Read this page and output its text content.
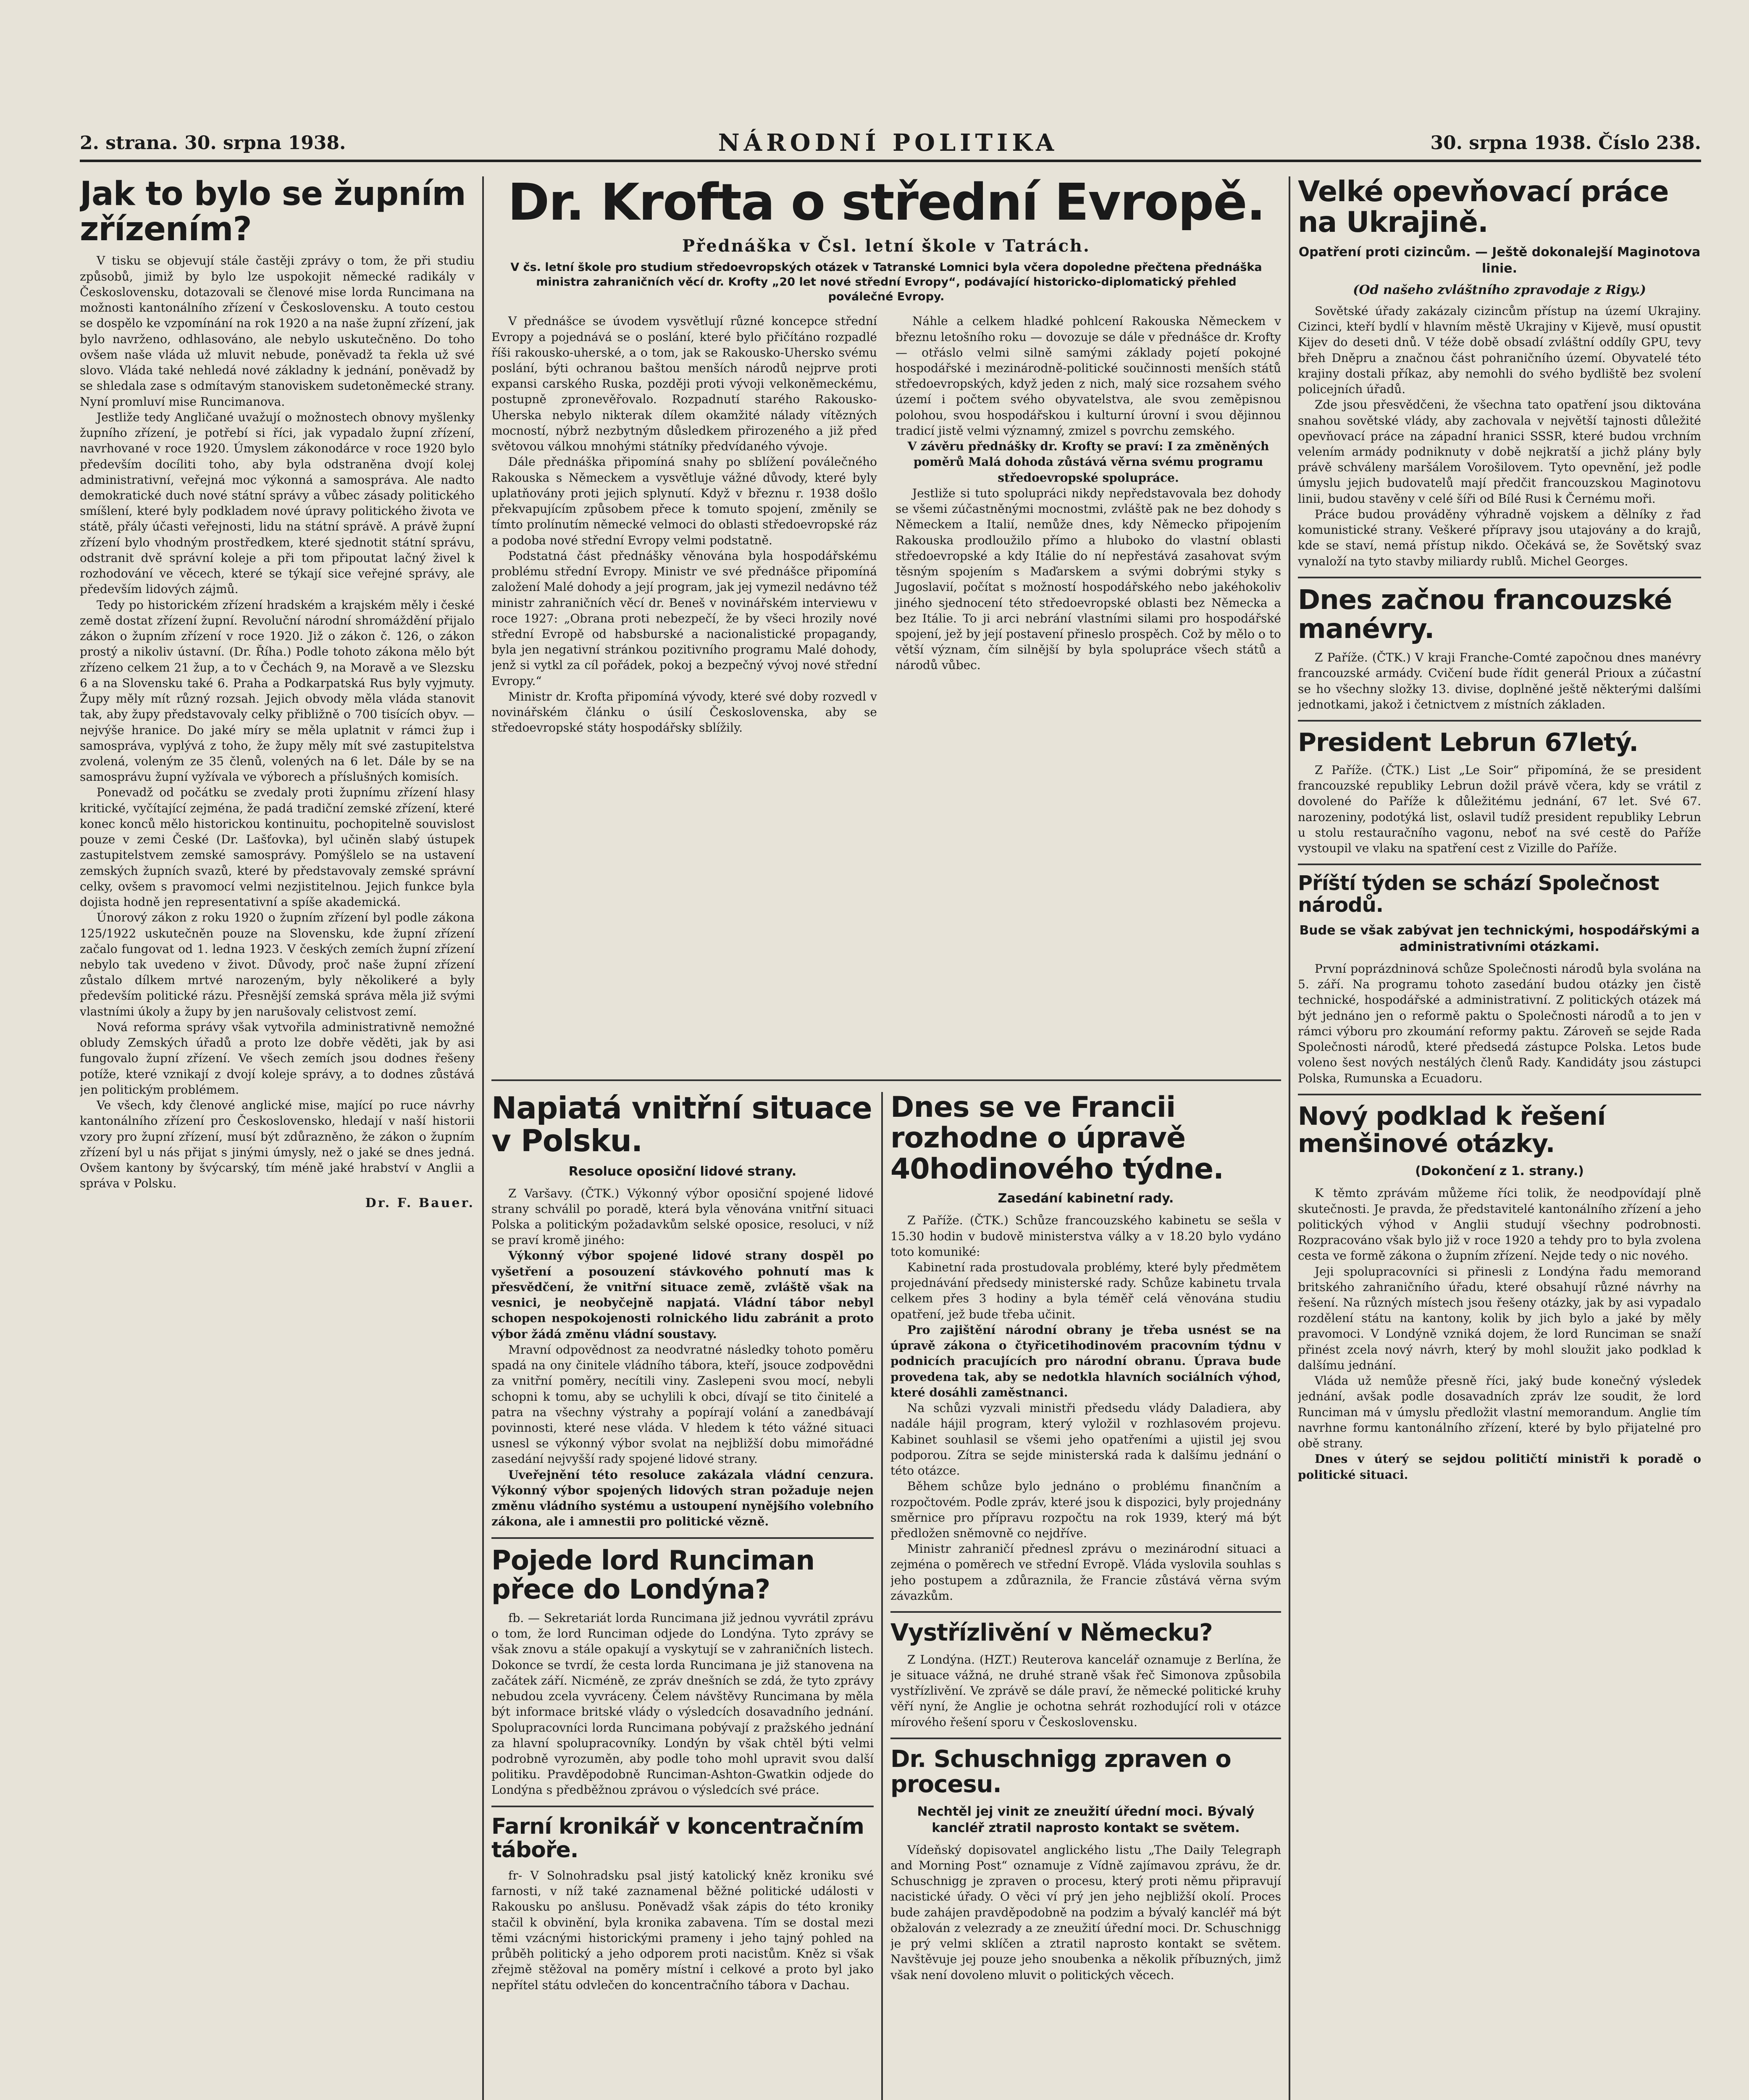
2. strana. 30. srpna 1938.	NÁRODNÍ POLITIKA	30. srpna 1938. Číslo 238.
Jak to bylo se župním zřízením?

V tisku se objevují stále častěji zprávy o tom, že při studiu způsobů, jimiž by bylo lze uspokojit německé radikály v Československu, dotazovali se členové mise lorda Runcimana na možnosti kantonálního zřízení v Československu. A touto cestou se dospělo ke vzpomínání na rok 1920 a na naše župní zřízení, jak bylo navrženo, odhlasováno, ale nebylo uskutečněno. Do toho ovšem naše vláda už mluvit nebude, poněvadž ta řekla už své slovo. Vláda také nehledá nové základny k jednání, poněvadž by se shledala zase s odmítavým stanoviskem sudetoněmecké strany. Nyní promluví mise Runcimanova.

Jestliže tedy Angličané uvažují o možnostech obnovy myšlenky župního zřízení, je potřebí si říci, jak vypadalo župní zřízení, navrhované v roce 1920. Úmyslem zákonodárce v roce 1920 bylo především docíliti toho, aby byla odstraněna dvojí kolej administrativní, veřejná moc výkonná a samospráva. Ale nadto demokratické duch nové státní správy a vůbec zásady politického smíšlení, které byly podkladem nové úpravy politického života ve státě, přály účasti veřejnosti, lidu na státní správě. A právě župní zřízení bylo vhodným prostředkem, které sjednotit státní správu, odstranit dvě správní koleje a při tom připoutat lačný živel k rozhodování ve věcech, které se týkají sice veřejné správy, ale především lidových zájmů.

Tedy po historickém zřízení hradském a krajském měly i české země dostat zřízení župní. Revoluční národní shromáždění přijalo zákon o župním zřízení v roce 1920. Již o zákon č. 126, o zákon prostý a nikoliv ústavní. (Dr. Říha.) Podle tohoto zákona mělo být zřízeno celkem 21 žup, a to v Čechách 9, na Moravě a ve Slezsku 6 a na Slovensku také 6. Praha a Podkarpatská Rus byly vyjmuty. Župy měly mít různý rozsah. Jejich obvody měla vláda stanovit tak, aby župy představovaly celky přibližně o 700 tisících obyv. — nejvýše hranice. Do jaké míry se měla uplatnit v rámci žup i samospráva, vyplývá z toho, že župy měly mít své zastupitelstva zvolená, voleným ze 35 členů, volených na 6 let. Dále by se na samosprávu župní vyžívala ve výborech a příslušných komisích.

Ponevadž od počátku se zvedaly proti župnímu zřízení hlasy kritické, vyčítající zejména, že padá tradiční zemské zřízení, které konec konců mělo historickou kontinuitu, pochopitelně souvislost pouze v zemi České (Dr. Lašťovka), byl učiněn slabý ústupek zastupitelstvem zemské samosprávy. Pomýšlelo se na ustavení zemských župních svazů, které by představovaly zemské správní celky, ovšem s pravomocí velmi nezjistitelnou. Jejich funkce byla dojista hodně jen representativní a spíše akademická.

Únorový zákon z roku 1920 o župním zřízení byl podle zákona 125/1922 uskutečněn pouze na Slovensku, kde župní zřízení začalo fungovat od 1. ledna 1923. V českých zemích župní zřízení nebylo tak uvedeno v život. Důvody, proč naše župní zřízení zůstalo dílkem mrtvé narozeným, byly několikeré a byly především politické rázu. Přesnější zemská správa měla již svými vlastními úkoly a župy by jen narušovaly celistvost zemí.

Nová reforma správy však vytvořila administrativně nemožné obludy Zemských úřadů a proto lze dobře věděti, jak by asi fungovalo župní zřízení. Ve všech zemích jsou dodnes řešeny potíže, které vznikají z dvojí koleje správy, a to dodnes zůstává jen politickým problémem.

Ve všech, kdy členové anglické mise, mající po ruce návrhy kantonálního zřízení pro Československo, hledají v naší historii vzory pro župní zřízení, musí být zdůrazněno, že zákon o župním zřízení byl u nás přijat s jinými úmysly, než o jaké se dnes jedná. Ovšem kantony by švýcarský, tím méně jaké hrabství v Anglii a správa v Polsku.

Dr. F. Bauer.
Dr. Krofta o střední Evropě.
Přednáška v Čsl. letní škole v Tatrách.
V čs. letní škole pro studium středoevropských otázek v Tatranské Lomnici byla včera dopoledne přečtena přednáška ministra zahraničních věcí dr. Krofty „20 let nové střední Evropy“, podávající historicko-diplomatický přehled poválečné Evropy.

V přednášce se úvodem vysvětlují různé koncepce střední Evropy a pojednává se o poslání, které bylo přičítáno rozpadlé říši rakousko-uherské, a o tom, jak se Rakousko-Uhersko svému poslání, býti ochranou baštou menších národů nejprve proti expansi carského Ruska, později proti vývoji velkoněmeckému, postupně zpronevěřovalo. Rozpadnutí starého Rakousko-Uherska nebylo nikterak dílem okamžité nálady vítězných mocností, nýbrž nezbytným důsledkem přirozeného a již před světovou válkou mnohými státníky předvídaného vývoje.

Dále přednáška připomíná snahy po sblížení poválečného Rakouska s Německem a vysvětluje vážné důvody, které byly uplatňovány proti jejich splynutí. Když v březnu r. 1938 došlo překvapujícím způsobem přece k tomuto spojení, změnily se tímto prolínutím německé velmoci do oblasti středoevropské ráz a podoba nové střední Evropy velmi podstatně.

Podstatná část přednášky věnována byla hospodářskému problému střední Evropy. Ministr ve své přednášce připomíná založení Malé dohody a její program, jak jej vymezil nedávno též ministr zahraničních věcí dr. Beneš v novinářském interviewu v roce 1927: „Obrana proti nebezpečí, že by všeci hrozily nové střední Evropě od habsburské a nacionalistické propagandy, byla jen negativní stránkou pozitivního programu Malé dohody, jenž si vytkl za cíl pořádek, pokoj a bezpečný vývoj nové střední Evropy.“

Ministr dr. Krofta připomíná vývody, které své doby rozvedl v novinářském článku o úsilí Československa, aby se středoevropské státy hospodářsky sblížily.

Náhle a celkem hladké pohlcení Rakouska Německem v březnu letošního roku — dovozuje se dále v přednášce dr. Krofty — otřáslo velmi silně samými základy pojetí pokojné hospodářské i mezinárodně-politické součinnosti menších států středoevropských, když jeden z nich, malý sice rozsahem svého území i počtem svého obyvatelstva, ale svou zeměpisnou polohou, svou hospodářskou i kulturní úrovní i svou dějinnou tradicí jistě velmi významný, zmizel s povrchu zemského.

V závěru přednášky dr. Krofty se praví: I za změněných poměrů Malá dohoda zůstává věrna svému programu středoevropské spolupráce.

Jestliže si tuto spolupráci nikdy nepředstavovala bez dohody se všemi zúčastněnými mocnostmi, zvláště pak ne bez dohody s Německem a Italií, nemůže dnes, kdy Německo připojením Rakouska prodloužilo přímo a hluboko do vlastní oblasti středoevropské a kdy Itálie do ní nepřestává zasahovat svým těsným spojením s Maďarskem a svými dobrými styky s Jugoslavií, počítat s možností hospodářského nebo jakéhokoliv jiného sjednocení této středoevropské oblasti bez Německa a bez Itálie. To ji arci nebrání vlastními silami pro hospodářské spojení, jež by její postavení přineslo prospěch. Což by mělo o to větší význam, čím silnější by byla spolupráce všech států a národů vůbec.

Napiatá vnitřní situace v Polsku.
Resoluce oposiční lidové strany.

Z Varšavy. (ČTK.) Výkonný výbor oposiční spojené lidové strany schválil po poradě, která byla věnována vnitřní situaci Polska a politickým požadavkům selské oposice, resoluci, v níž se praví kromě jiného:

Výkonný výbor spojené lidové strany dospěl po vyšetření a posouzení stávkového pohnutí mas k přesvědčení, že vnitřní situace země, zvláště však na vesnici, je neobyčejně napjatá. Vládní tábor nebyl schopen nespokojenosti rolnického lidu zabránit a proto výbor žádá změnu vládní soustavy.

Mravní odpovědnost za neodvratné následky tohoto poměru spadá na ony činitele vládního tábora, kteří, jsouce zodpovědni za vnitřní poměry, necítili viny. Zaslepeni svou mocí, nebyli schopni k tomu, aby se uchylili k obci, dívají se tito činitelé a patra na všechny výstrahy a popírají volání a zanedbávají povinnosti, které nese vláda. V hledem k této vážné situaci usnesl se výkonný výbor svolat na nejbližší dobu mimořádné zasedání nejvyšší rady spojené lidové strany.

Uveřejnění této resoluce zakázala vládní cenzura. Výkonný výbor spojených lidových stran požaduje nejen změnu vládního systému a ustoupení nynějšího volebního zákona, ale i amnestii pro politické vězně.

Pojede lord Runciman přece do Londýna?

fb. — Sekretariát lorda Runcimana již jednou vyvrátil zprávu o tom, že lord Runciman odjede do Londýna. Tyto zprávy se však znovu a stále opakují a vyskytují se v zahraničních listech. Dokonce se tvrdí, že cesta lorda Runcimana je již stanovena na začátek září. Nicméně, ze zpráv dnešních se zdá, že tyto zprávy nebudou zcela vyvráceny. Čelem návštěvy Runcimana by měla být informace britské vlády o výsledcích dosavadního jednání. Spolupracovníci lorda Runcimana pobývají z pražského jednání za hlavní spolupracovníky. Londýn by však chtěl býti velmi podrobně vyrozuměn, aby podle toho mohl upravit svou další politiku. Pravděpodobně Runciman-Ashton-Gwatkin odjede do Londýna s předběžnou zprávou o výsledcích své práce.

Farní kronikář v koncentračním táboře.

fr- V Solnohradsku psal jistý katolický kněz kroniku své farnosti, v níž také zaznamenal běžné politické události v Rakousku po anšlusu. Poněvadž však zápis do této kroniky stačil k obvinění, byla kronika zabavena. Tím se dostal mezi těmi vzácnými historickými prameny i jeho tajný pohled na průběh politický a jeho odporem proti nacistům. Kněz si však zřejmě stěžoval na poměry místní i celkové a proto byl jako nepřítel státu odvlečen do koncentračního tábora v Dachau.

Dnes se ve Francii rozhodne o úpravě 40hodinového týdne.
Zasedání kabinetní rady.

Z Paříže. (ČTK.) Schůze francouzského kabinetu se sešla v 15.30 hodin v budově ministerstva války a v 18.20 bylo vydáno toto komuniké:

Kabinetní rada prostudovala problémy, které byly předmětem projednávání předsedy ministerské rady. Schůze kabinetu trvala celkem přes 3 hodiny a byla téměř celá věnována studiu opatření, jež bude třeba učinit.

Pro zajištění národní obrany je třeba usnést se na úpravě zákona o čtyřicetihodinovém pracovním týdnu v podnicích pracujících pro národní obranu. Úprava bude provedena tak, aby se nedotkla hlavních sociálních výhod, které dosáhli zaměstnanci.

Na schůzi vyzvali ministři předsedu vlády Daladiera, aby nadále hájil program, který vyložil v rozhlasovém projevu. Kabinet souhlasil se všemi jeho opatřeními a ujistil jej svou podporou. Zítra se sejde ministerská rada k dalšímu jednání o této otázce.

Během schůze bylo jednáno o problému finančním a rozpočtovém. Podle zpráv, které jsou k dispozici, byly projednány směrnice pro přípravu rozpočtu na rok 1939, který má být předložen sněmovně co nejdříve.

Ministr zahraničí přednesl zprávu o mezinárodní situaci a zejména o poměrech ve střední Evropě. Vláda vyslovila souhlas s jeho postupem a zdůraznila, že Francie zůstává věrna svým závazkům.

Vystřízlivění v Německu?

Z Londýna. (HZT.) Reuterova kancelář oznamuje z Berlína, že je situace vážná, ne druhé straně však řeč Simonova způsobila vystřízlivění. Ve zprávě se dále praví, že německé politické kruhy věří nyní, že Anglie je ochotna sehrát rozhodující roli v otázce mírového řešení sporu v Československu.

Dr. Schuschnigg zpraven o procesu.
Nechtěl jej vinit ze zneužití úřední moci. Bývalý kancléř ztratil naprosto kontakt se světem.

Vídeňský dopisovatel anglického listu „The Daily Telegraph and Morning Post“ oznamuje z Vídně zajímavou zprávu, že dr. Schuschnigg je zpraven o procesu, který proti němu připravují nacistické úřady. O věci ví prý jen jeho nejbližší okolí. Proces bude zahájen pravděpodobně na podzim a bývalý kancléř má být obžalován z velezrady a ze zneužití úřední moci. Dr. Schuschnigg je prý velmi sklíčen a ztratil naprosto kontakt se světem. Navštěvuje jej pouze jeho snoubenka a několik příbuzných, jimž však není dovoleno mluvit o politických věcech.

Velké opevňovací práce na Ukrajině.
Opatření proti cizincům. — Ještě dokonalejší Maginotova linie.
(Od našeho zvláštního zpravodaje z Rigy.)

Sovětské úřady zakázaly cizincům přístup na území Ukrajiny. Cizinci, kteří bydlí v hlavním městě Ukrajiny v Kijevě, musí opustit Kijev do deseti dnů. V téže době obsadí zvláštní oddíly GPU, tevy břeh Dněpru a značnou část pohraničního území. Obyvatelé této krajiny dostali příkaz, aby nemohli do svého bydliště bez svolení policejních úřadů.

Zde jsou přesvědčeni, že všechna tato opatření jsou diktována snahou sovětské vlády, aby zachovala v největší tajnosti důležité opevňovací práce na západní hranici SSSR, které budou vrchním velením armády podniknuty v době nejkratší a jichž plány byly právě schváleny maršálem Vorošilovem. Tyto opevnění, jež podle úmyslu jejich budovatelů mají předčit francouzskou Maginotovu linii, budou stavěny v celé šíři od Bílé Rusi k Černému moři.

Práce budou prováděny výhradně vojskem a dělníky z řad komunistické strany. Veškeré přípravy jsou utajovány a do krajů, kde se staví, nemá přístup nikdo. Očekává se, že Sovětský svaz vynaloží na tyto stavby miliardy rublů. Michel Georges.

Dnes začnou francouzské manévry.

Z Paříže. (ČTK.) V kraji Franche-Comté započnou dnes manévry francouzské armády. Cvičení bude řídit generál Prioux a zúčastní se ho všechny složky 13. divise, doplněné ještě některými dalšími jednotkami, jakož i četnictvem z místních základen.

President Lebrun 67letý.

Z Paříže. (ČTK.) List „Le Soir“ připomíná, že se president francouzské republiky Lebrun dožil právě včera, kdy se vrátil z dovolené do Paříže k důležitému jednání, 67 let. Své 67. narozeniny, podotýká list, oslavil tudíž president republiky Lebrun u stolu restauračního vagonu, neboť na své cestě do Paříže vystoupil ve vlaku na spatření cest z Vizille do Paříže.

Příští týden se schází Společnost národů.
Bude se však zabývat jen technickými, hospodářskými a administrativními otázkami.

První poprázdninová schůze Společnosti národů byla svolána na 5. září. Na programu tohoto zasedání budou otázky jen čistě technické, hospodářské a administrativní. Z politických otázek má být jednáno jen o reformě paktu o Společnosti národů a to jen v rámci výboru pro zkoumání reformy paktu. Zároveň se sejde Rada Společnosti národů, které předsedá zástupce Polska. Letos bude voleno šest nových nestálých členů Rady. Kandidáty jsou zástupci Polska, Rumunska a Ecuadoru.

Nový podklad k řešení menšinové otázky.
(Dokončení z 1. strany.)

K těmto zprávám můžeme říci tolik, že neodpovídají plně skutečnosti. Je pravda, že představitelé kantonálního zřízení a jeho politických výhod v Anglii studují všechny podrobnosti. Rozpracováno však bylo již v roce 1920 a tehdy pro to byla zvolena cesta ve formě zákona o župním zřízení. Nejde tedy o nic nového.

Jeji spolupracovníci si přinesli z Londýna řadu memorand britského zahraničního úřadu, které obsahují různé návrhy na řešení. Na různých místech jsou řešeny otázky, jak by asi vypadalo rozdělení státu na kantony, kolik by jich bylo a jaké by měly pravomoci. V Londýně vzniká dojem, že lord Runciman se snaží přinést zcela nový návrh, který by mohl sloužit jako podklad k dalšímu jednání.

Vláda už nemůže přesně říci, jaký bude konečný výsledek jednání, avšak podle dosavadních zpráv lze soudit, že lord Runciman má v úmyslu předložit vlastní memorandum. Anglie tím navrhne formu kantonálního zřízení, které by bylo přijatelné pro obě strany.

Dnes v úterý se sejdou političtí ministři k poradě o politické situaci.
